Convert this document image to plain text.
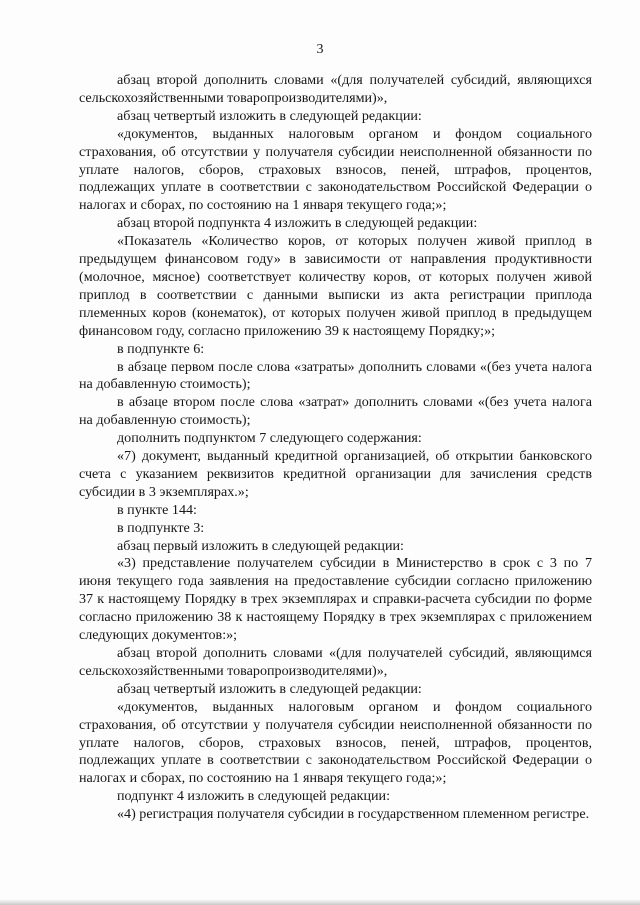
3

абзац второй дополнить словами «(для получателей субсидий, являющихся сельскохозяйственными товаропроизводителями)»,

абзац четвертый изложить в следующей редакции:

«документов, выданных налоговым органом и фондом социального страхования, об отсутствии у получателя субсидии неисполненной обязанности по уплате налогов, сборов, страховых взносов, пеней, штрафов, процентов, подлежащих уплате в соответствии с законодательством Российской Федерации о налогах и сборах, по состоянию на 1 января текущего года;»;

абзац второй подпункта 4 изложить в следующей редакции:

«Показатель «Количество коров, от которых получен живой приплод в предыдущем финансовом году» в зависимости от направления продуктивности (молочное, мясное) соответствует количеству коров, от которых получен живой приплод в соответствии с данными выписки из акта регистрации приплода племенных коров (конематок), от которых получен живой приплод в предыдущем финансовом году, согласно приложению 39 к настоящему Порядку;»;

в подпункте 6:

в абзаце первом после слова «затраты» дополнить словами «(без учета налога на добавленную стоимость);

в абзаце втором после слова «затрат» дополнить словами «(без учета налога на добавленную стоимость);

дополнить подпунктом 7 следующего содержания:

«7) документ, выданный кредитной организацией, об открытии банковского счета с указанием реквизитов кредитной организации для зачисления средств субсидии в 3 экземплярах.»;

в пункте 144:

в подпункте 3:

абзац первый изложить в следующей редакции:

«3) представление получателем субсидии в Министерство в срок с 3 по 7 июня текущего года заявления на предоставление субсидии согласно приложению 37 к настоящему Порядку в трех экземплярах и справки-расчета субсидии по форме согласно приложению 38 к настоящему Порядку в трех экземплярах с приложением следующих документов:»;

абзац второй дополнить словами «(для получателей субсидий, являющимся сельскохозяйственными товаропроизводителями)»,

абзац четвертый изложить в следующей редакции:

«документов, выданных налоговым органом и фондом социального страхования, об отсутствии у получателя субсидии неисполненной обязанности по уплате налогов, сборов, страховых взносов, пеней, штрафов, процентов, подлежащих уплате в соответствии с законодательством Российской Федерации о налогах и сборах, по состоянию на 1 января текущего года;»;

подпункт 4 изложить в следующей редакции:

«4) регистрация получателя субсидии в государственном племенном регистре.
